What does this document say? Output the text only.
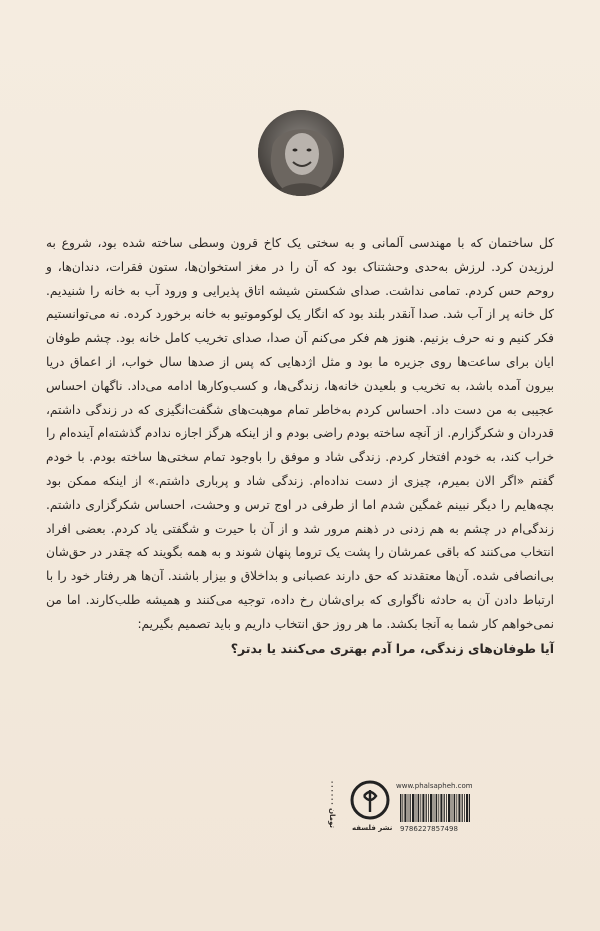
کل ساختمان که با مهندسی آلمانی و به سختی یک کاخ قرون وسطی ساخته شده بود، شروع به لرزیدن کرد. لرزش به‌حدی وحشتناک بود که آن را در مغز استخوان‌ها، ستون فقرات، دندان‌ها، و روحم حس کردم. تمامی نداشت. صدای شکستن شیشه اتاق پذیرایی و ورود آب به خانه را شنیدیم. کل خانه پر از آب شد. صدا آنقدر بلند بود که انگار یک لوکوموتیو به خانه برخورد کرده. نه می‌توانستیم فکر کنیم و نه حرف بزنیم. هنوز هم فکر می‌کنم آن صدا، صدای تخریب کامل خانه بود. چشم طوفان ایان برای ساعت‌ها روی جزیره ما بود و مثل اژدهایی که پس از صدها سال خواب، از اعماق دریا بیرون آمده باشد، به تخریب و بلعیدن خانه‌ها، زندگی‌ها، و کسب‌وکارها ادامه می‌داد. ناگهان احساس عجیبی به من دست داد. احساس کردم به‌خاطر تمام موهبت‌های شگفت‌انگیزی که در زندگی داشتم، قدردان و شکرگزارم. از آنچه ساخته بودم راضی بودم و از اینکه هرگز اجازه ندادم گذشته‌ام آینده‌ام را خراب کند، به خودم افتخار کردم. زندگی شاد و موفق را باوجود تمام سختی‌ها ساخته بودم. با خودم گفتم «اگر الان بمیرم، چیزی از دست نداده‌ام. زندگی شاد و پرباری داشتم.» از اینکه ممکن بود بچه‌هایم را دیگر نبینم غمگین شدم اما از طرفی در اوج ترس و وحشت، احساس شکرگزاری داشتم. زندگی‌ام در چشم به هم زدنی در ذهنم مرور شد و از آن با حیرت و شگفتی یاد کردم. بعضی افراد انتخاب می‌کنند که باقی عمرشان را پشت یک تروما پنهان شوند و به همه بگویند که چقدر در حق‌شان بی‌انصافی شده. آن‌ها معتقدند که حق دارند عصبانی و بداخلاق و بیزار باشند. آن‌ها هر رفتار خود را با ارتباط دادن آن به حادثه ناگواری که برای‌شان رخ داده، توجیه می‌کنند و همیشه طلب‌کارند. اما من نمی‌خواهم کار شما به آنجا بکشد. ما هر روز حق انتخاب داریم و باید تصمیم بگیریم:

آیا طوفان‌های زندگی، مرا آدم بهتری می‌کنند یا بدتر؟

www.phalsapheh.com
9786227857498
نشر فلسفه
۰۰۰۰۰۰ تومان
